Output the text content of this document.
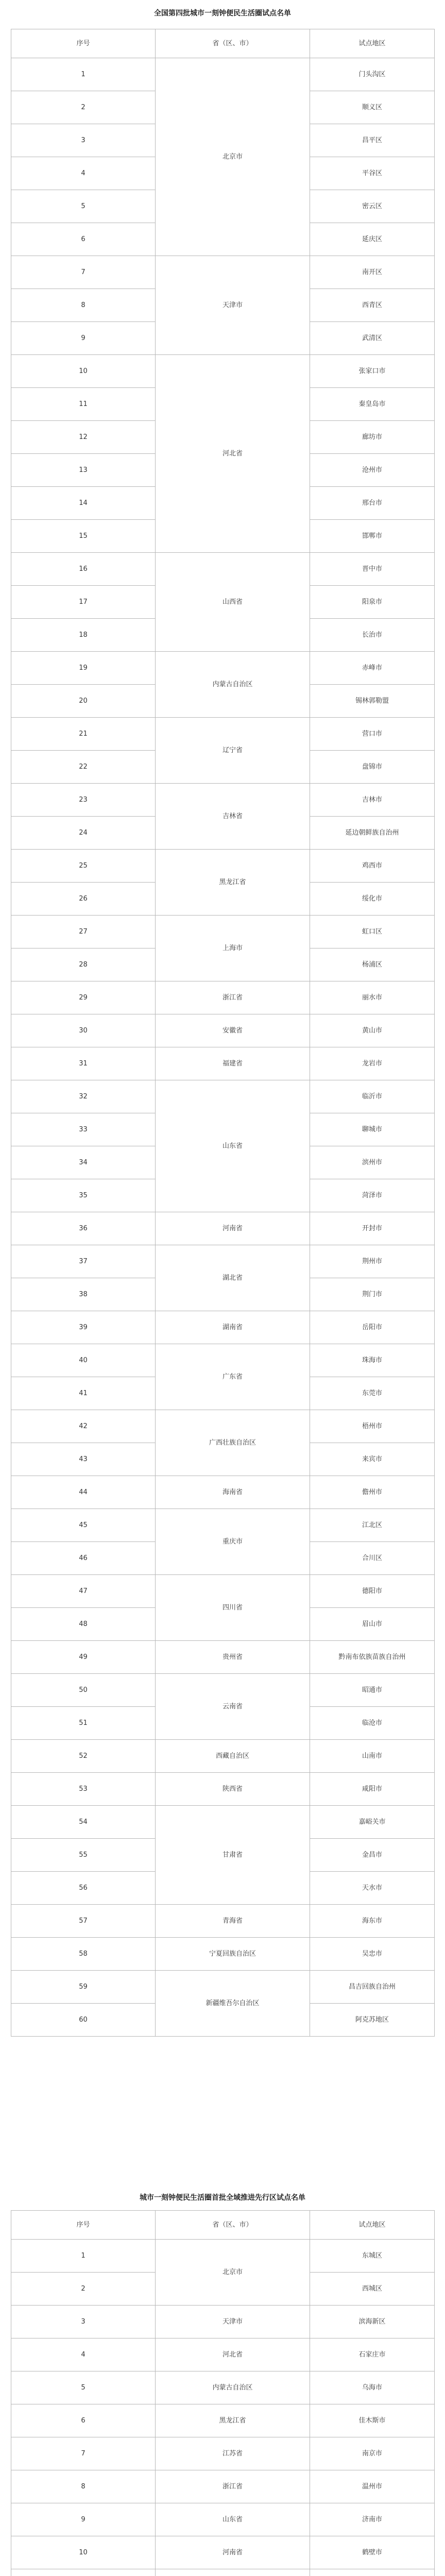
全国第四批城市一刻钟便民生活圈试点名单
序号	省（区、市）	试点地区
1	北京市	门头沟区
2		顺义区
3		昌平区
4		平谷区
5		密云区
6		延庆区
7	天津市	南开区
8		西青区
9		武清区
10	河北省	张家口市
11		秦皇岛市
12		廊坊市
13		沧州市
14		邢台市
15		邯郸市
16	山西省	晋中市
17		阳泉市
18		长治市
19	内蒙古自治区	赤峰市
20		锡林郭勒盟
21	辽宁省	营口市
22		盘锦市
23	吉林省	吉林市
24		延边朝鲜族自治州
25	黑龙江省	鸡西市
26		绥化市
27	上海市	虹口区
28		杨浦区
29	浙江省	丽水市
30	安徽省	黄山市
31	福建省	龙岩市
32	山东省	临沂市
33		聊城市
34		滨州市
35		菏泽市
36	河南省	开封市
37	湖北省	荆州市
38		荆门市
39	湖南省	岳阳市
40	广东省	珠海市
41		东莞市
42	广西壮族自治区	梧州市
43		来宾市
44	海南省	儋州市
45	重庆市	江北区
46		合川区
47	四川省	德阳市
48		眉山市
49	贵州省	黔南布依族苗族自治州
50	云南省	昭通市
51		临沧市
52	西藏自治区	山南市
53	陕西省	咸阳市
54	甘肃省	嘉峪关市
55		金昌市
56		天水市
57	青海省	海东市
58	宁夏回族自治区	吴忠市
59	新疆维吾尔自治区	昌吉回族自治州
60		阿克苏地区
城市一刻钟便民生活圈首批全域推进先行区试点名单
序号	省（区、市）	试点地区
1	北京市	东城区
2		西城区
3	天津市	滨海新区
4	河北省	石家庄市
5	内蒙古自治区	乌海市
6	黑龙江省	佳木斯市
7	江苏省	南京市
8	浙江省	温州市
9	山东省	济南市
10	河南省	鹤壁市
